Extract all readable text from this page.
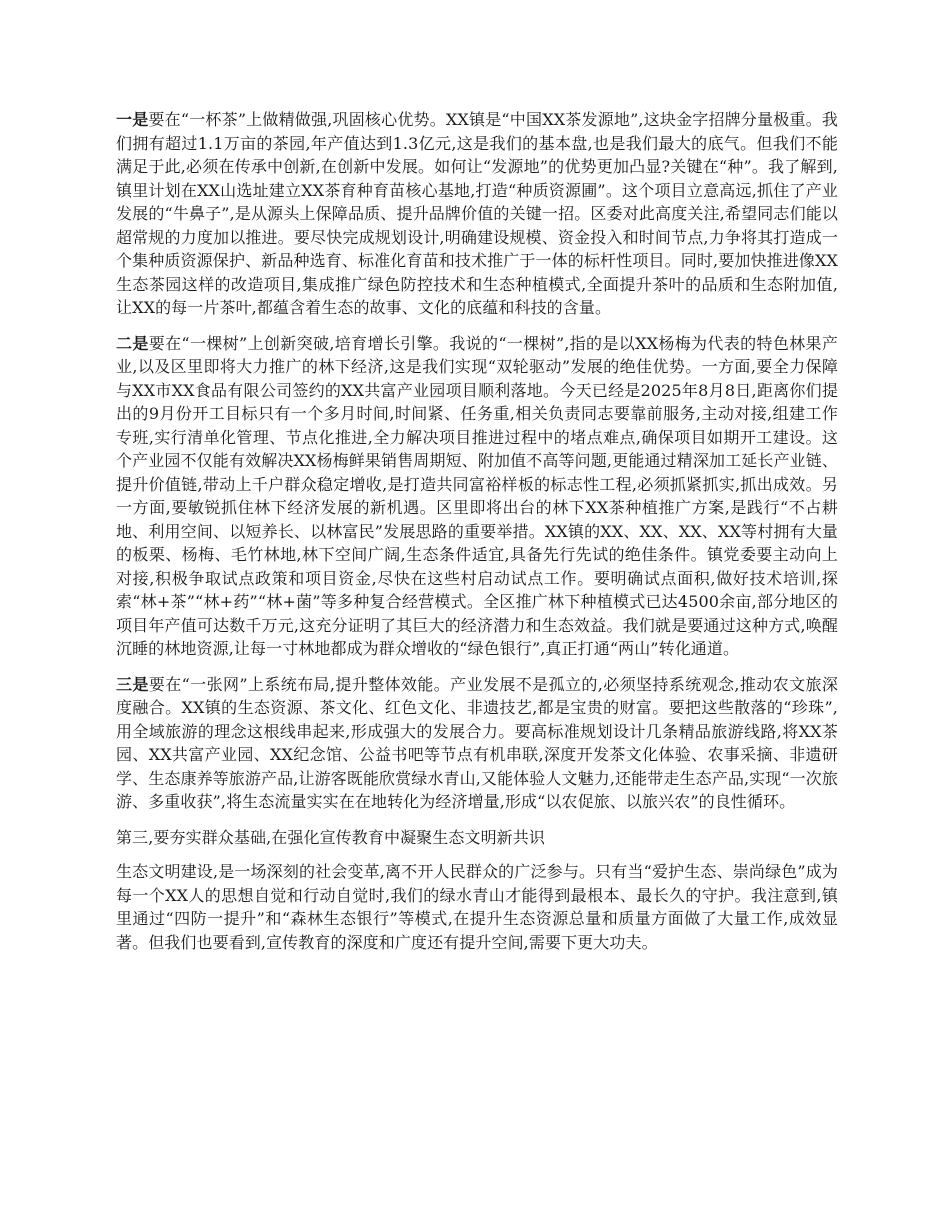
一是要在“一杯茶”上做精做强,巩固核心优势。XX镇是“中国XX茶发源地”,这块金字招牌分量极重。我们拥有超过1.1万亩的茶园,年产值达到1.3亿元,这是我们的基本盘,也是我们最大的底气。但我们不能满足于此,必须在传承中创新,在创新中发展。如何让“发源地”的优势更加凸显?关键在“种”。我了解到,镇里计划在XX山选址建立XX茶育种育苗核心基地,打造“种质资源圃”。这个项目立意高远,抓住了产业发展的“牛鼻子”,是从源头上保障品质、提升品牌价值的关键一招。区委对此高度关注,希望同志们能以超常规的力度加以推进。要尽快完成规划设计,明确建设规模、资金投入和时间节点,力争将其打造成一个集种质资源保护、新品种选育、标准化育苗和技术推广于一体的标杆性项目。同时,要加快推进像XX生态茶园这样的改造项目,集成推广绿色防控技术和生态种植模式,全面提升茶叶的品质和生态附加值,让XX的每一片茶叶,都蕴含着生态的故事、文化的底蕴和科技的含量。

二是要在“一棵树”上创新突破,培育增长引擎。我说的“一棵树”,指的是以XX杨梅为代表的特色林果产业,以及区里即将大力推广的林下经济,这是我们实现“双轮驱动”发展的绝佳优势。一方面,要全力保障与XX市XX食品有限公司签约的XX共富产业园项目顺利落地。今天已经是2025年8月8日,距离你们提出的9月份开工目标只有一个多月时间,时间紧、任务重,相关负责同志要靠前服务,主动对接,组建工作专班,实行清单化管理、节点化推进,全力解决项目推进过程中的堵点难点,确保项目如期开工建设。这个产业园不仅能有效解决XX杨梅鲜果销售周期短、附加值不高等问题,更能通过精深加工延长产业链、提升价值链,带动上千户群众稳定增收,是打造共同富裕样板的标志性工程,必须抓紧抓实,抓出成效。另一方面,要敏锐抓住林下经济发展的新机遇。区里即将出台的林下XX茶种植推广方案,是践行“不占耕地、利用空间、以短养长、以林富民”发展思路的重要举措。XX镇的XX、XX、XX、XX等村拥有大量的板栗、杨梅、毛竹林地,林下空间广阔,生态条件适宜,具备先行先试的绝佳条件。镇党委要主动向上对接,积极争取试点政策和项目资金,尽快在这些村启动试点工作。要明确试点面积,做好技术培训,探索“林+茶”“林+药”“林+菌”等多种复合经营模式。全区推广林下种植模式已达4500余亩,部分地区的项目年产值可达数千万元,这充分证明了其巨大的经济潜力和生态效益。我们就是要通过这种方式,唤醒沉睡的林地资源,让每一寸林地都成为群众增收的“绿色银行”,真正打通“两山”转化通道。

三是要在“一张网”上系统布局,提升整体效能。产业发展不是孤立的,必须坚持系统观念,推动农文旅深度融合。XX镇的生态资源、茶文化、红色文化、非遗技艺,都是宝贵的财富。要把这些散落的“珍珠”,用全域旅游的理念这根线串起来,形成强大的发展合力。要高标准规划设计几条精品旅游线路,将XX茶园、XX共富产业园、XX纪念馆、公益书吧等节点有机串联,深度开发茶文化体验、农事采摘、非遗研学、生态康养等旅游产品,让游客既能欣赏绿水青山,又能体验人文魅力,还能带走生态产品,实现“一次旅游、多重收获”,将生态流量实实在在地转化为经济增量,形成“以农促旅、以旅兴农”的良性循环。

第三,要夯实群众基础,在强化宣传教育中凝聚生态文明新共识

生态文明建设,是一场深刻的社会变革,离不开人民群众的广泛参与。只有当“爱护生态、崇尚绿色”成为每一个XX人的思想自觉和行动自觉时,我们的绿水青山才能得到最根本、最长久的守护。我注意到,镇里通过“四防一提升”和“森林生态银行”等模式,在提升生态资源总量和质量方面做了大量工作,成效显著。但我们也要看到,宣传教育的深度和广度还有提升空间,需要下更大功夫。
